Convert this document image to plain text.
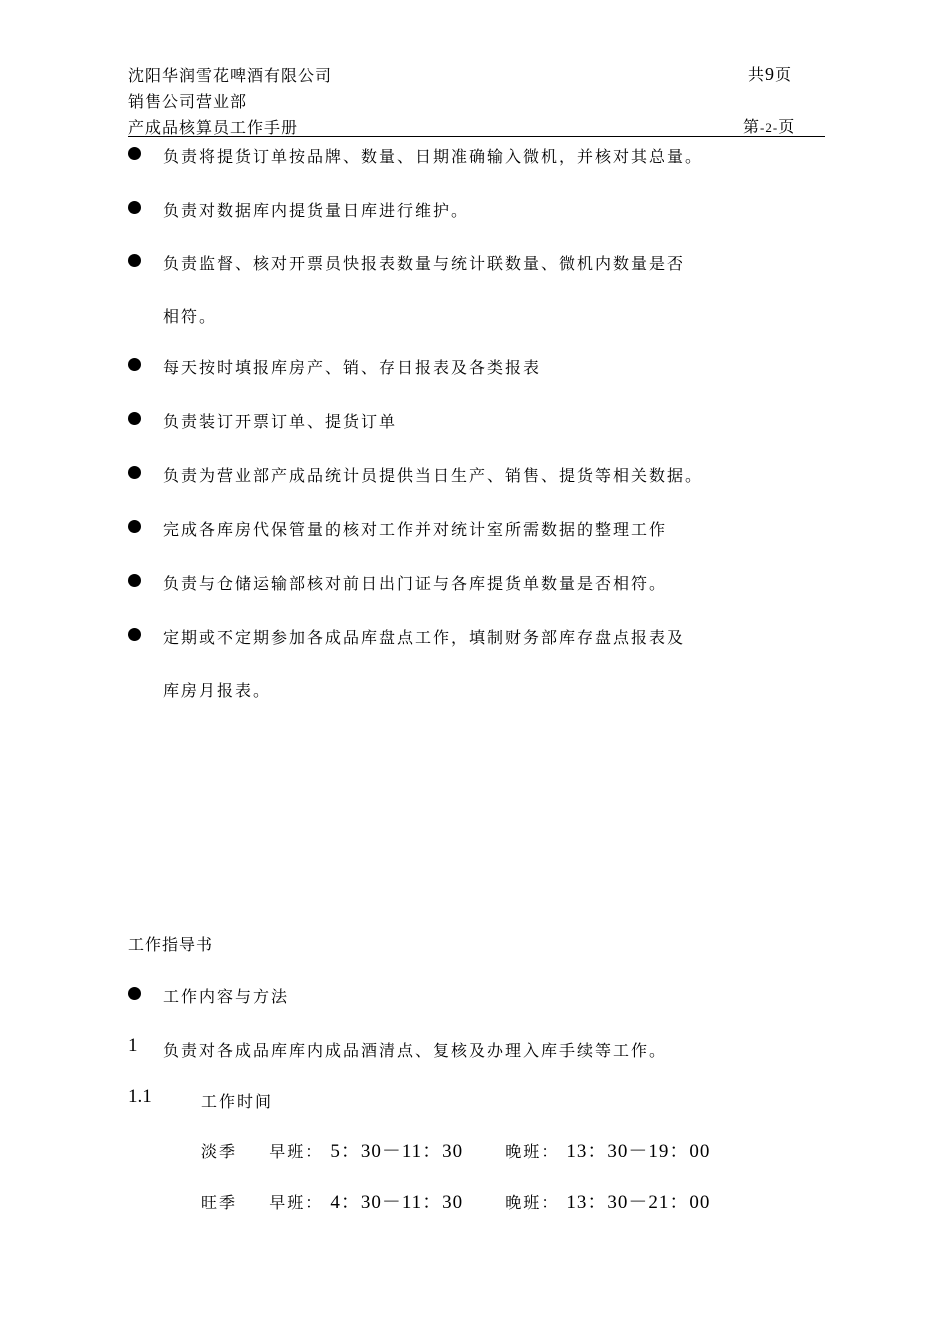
沈阳华润雪花啤酒有限公司
销售公司营业部
产成品核算员工作手册
共9页
第-2-页
负责将提货订单按品牌、数量、日期准确输入微机，并核对其总量。
负责对数据库内提货量日库进行维护。
负责监督、核对开票员快报表数量与统计联数量、微机内数量是否
相符。
每天按时填报库房产、销、存日报表及各类报表
负责装订开票订单、提货订单
负责为营业部产成品统计员提供当日生产、销售、提货等相关数据。
完成各库房代保管量的核对工作并对统计室所需数据的整理工作
负责与仓储运输部核对前日出门证与各库提货单数量是否相符。
定期或不定期参加各成品库盘点工作，填制财务部库存盘点报表及
库房月报表。
工作指导书
工作内容与方法
1 负责对各成品库库内成品酒清点、复核及办理入库手续等工作。
1.1	工作时间
淡季 早班： 5：30－11：30	晚班： 13：30－19：00
旺季 早班： 4：30－11：30	晚班： 13：30－21：00
